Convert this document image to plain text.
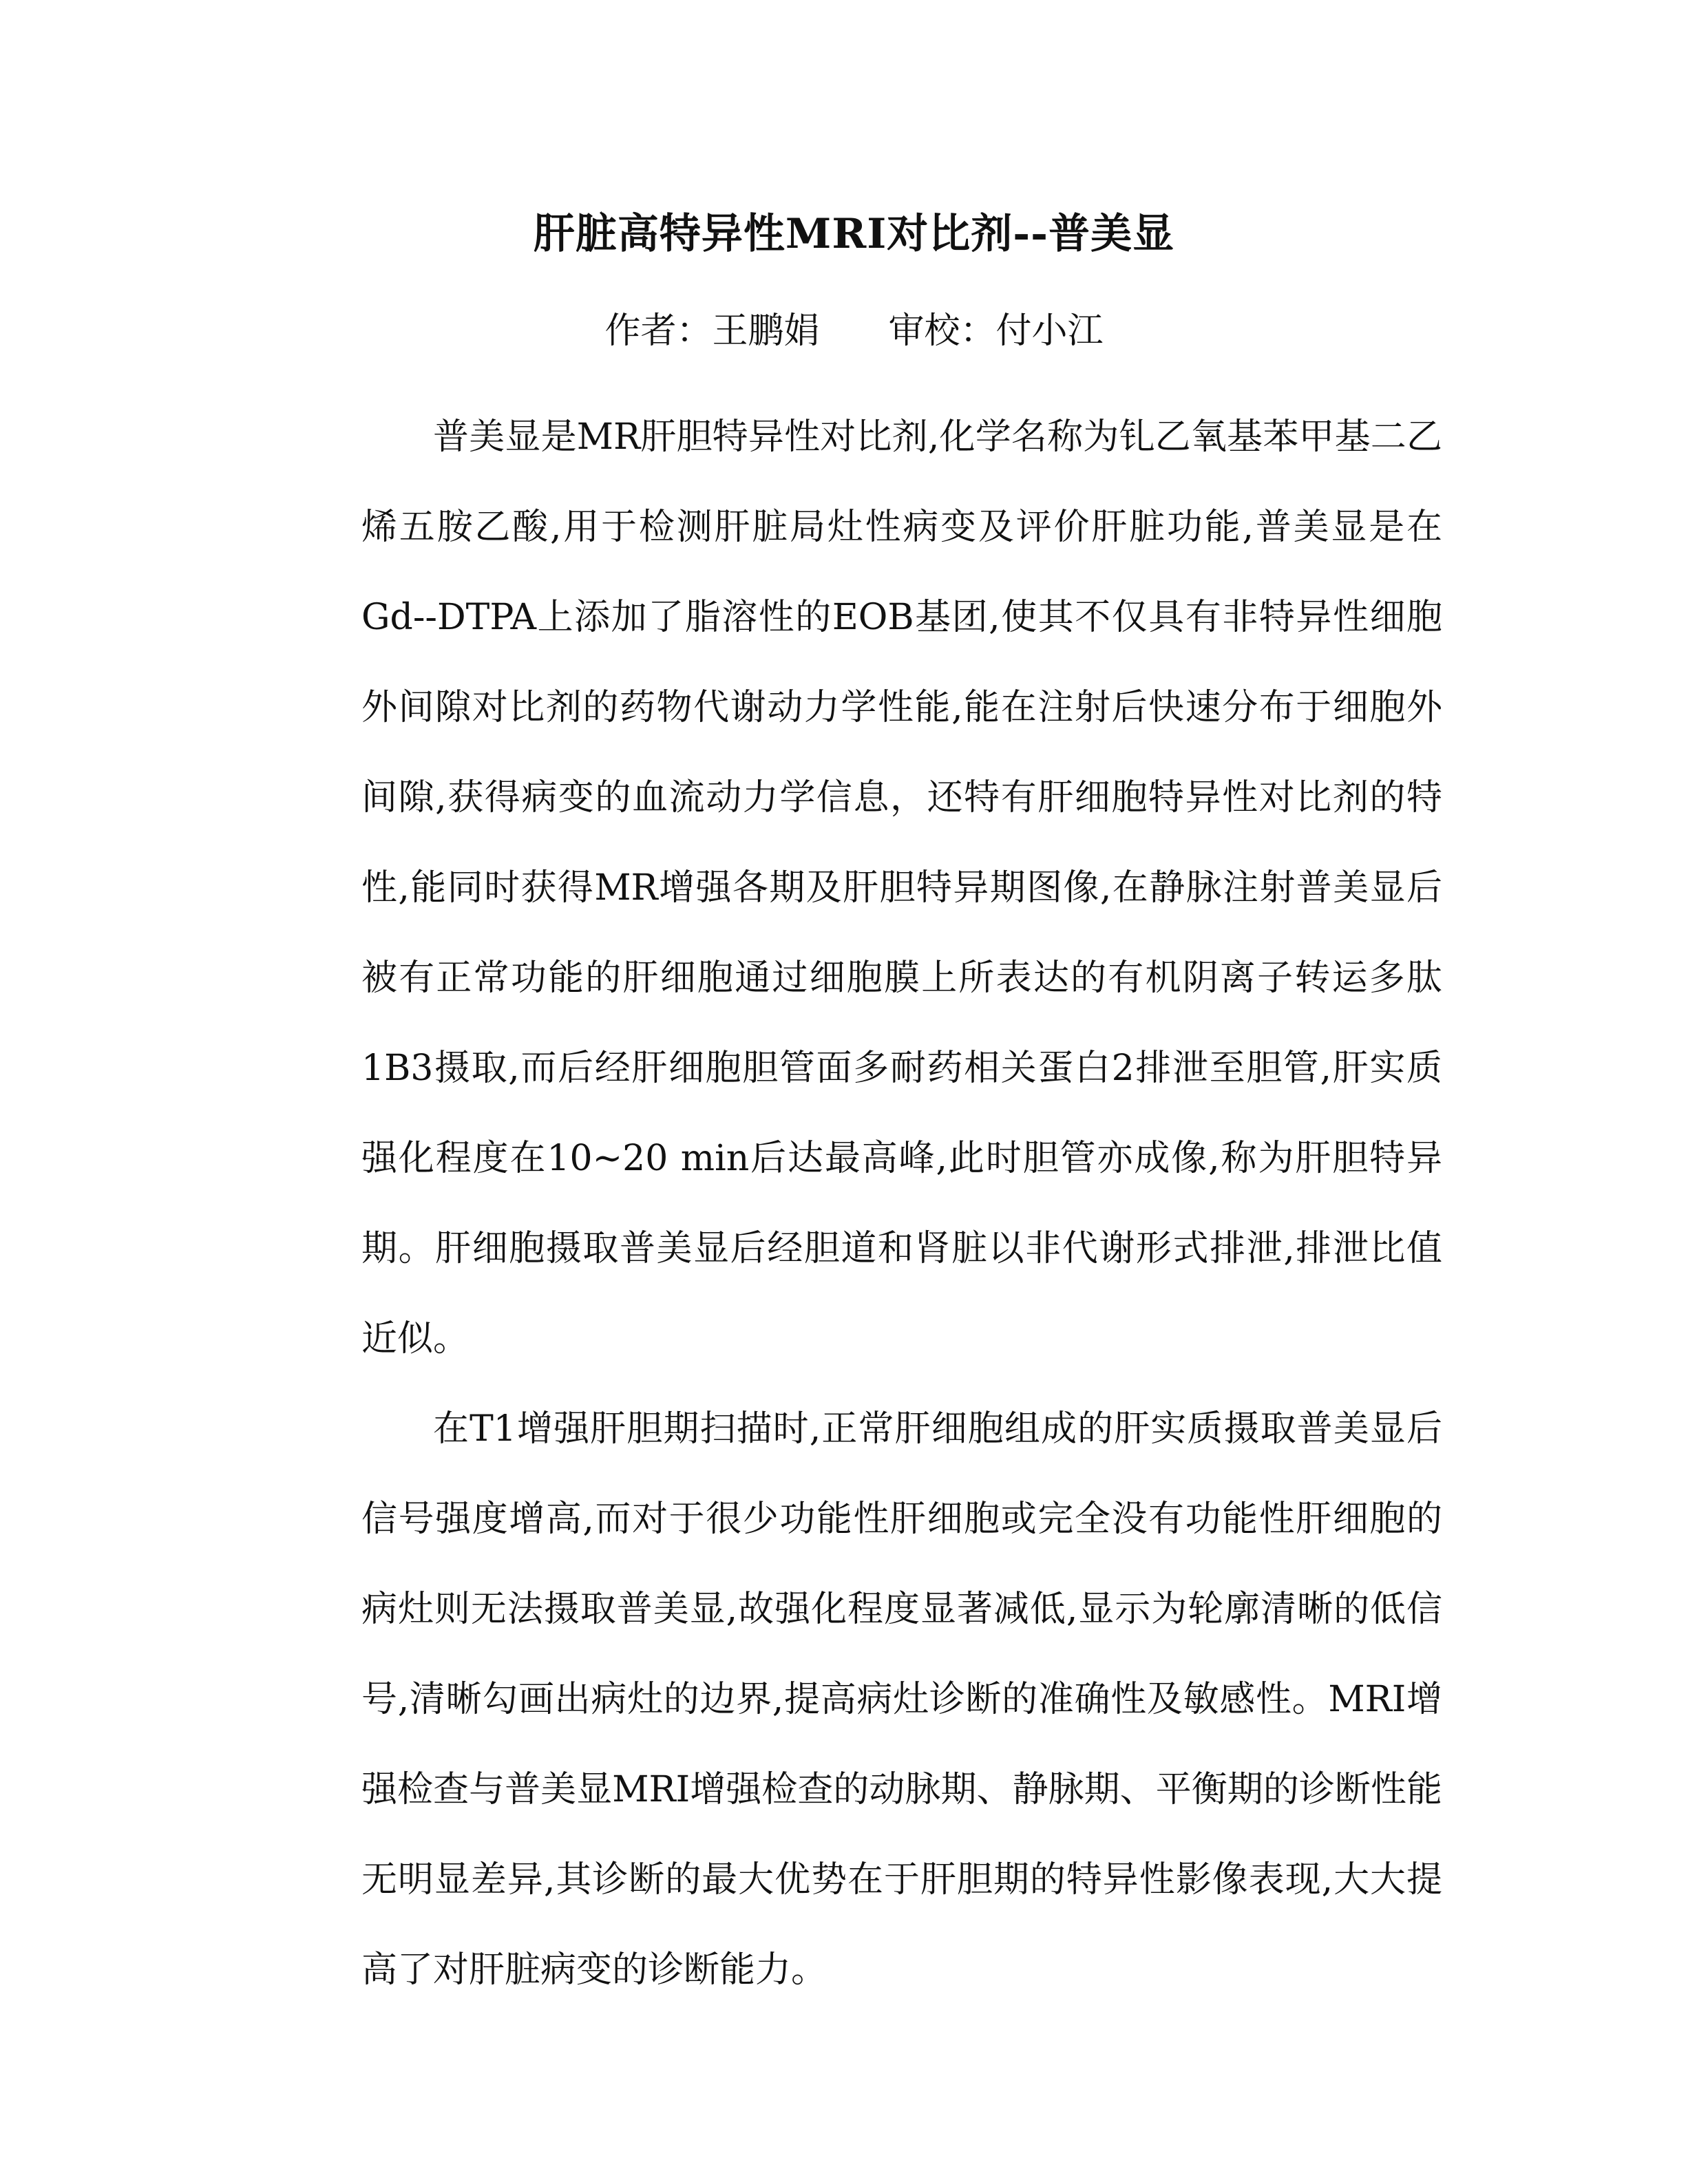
肝脏高特异性MRI对比剂--普美显
作者：王鹏娟 审校：付小江

普美显是MR肝胆特异性对比剂,化学名称为钆乙氧基苯甲基二乙烯五胺乙酸,用于检测肝脏局灶性病变及评价肝脏功能,普美显是在Gd--DTPA上添加了脂溶性的EOB基团,使其不仅具有非特异性细胞外间隙对比剂的药物代谢动力学性能,能在注射后快速分布于细胞外间隙,获得病变的血流动力学信息，还特有肝细胞特异性对比剂的特性,能同时获得MR增强各期及肝胆特异期图像,在静脉注射普美显后被有正常功能的肝细胞通过细胞膜上所表达的有机阴离子转运多肽1B3摄取,而后经肝细胞胆管面多耐药相关蛋白2排泄至胆管,肝实质强化程度在10~20 min后达最高峰,此时胆管亦成像,称为肝胆特异期。肝细胞摄取普美显后经胆道和肾脏以非代谢形式排泄,排泄比值近似。

在T1增强肝胆期扫描时,正常肝细胞组成的肝实质摄取普美显后信号强度增高,而对于很少功能性肝细胞或完全没有功能性肝细胞的病灶则无法摄取普美显,故强化程度显著减低,显示为轮廓清晰的低信号,清晰勾画出病灶的边界,提高病灶诊断的准确性及敏感性。MRI增强检查与普美显MRI增强检查的动脉期、静脉期、平衡期的诊断性能无明显差异,其诊断的最大优势在于肝胆期的特异性影像表现,大大提高了对肝脏病变的诊断能力。
